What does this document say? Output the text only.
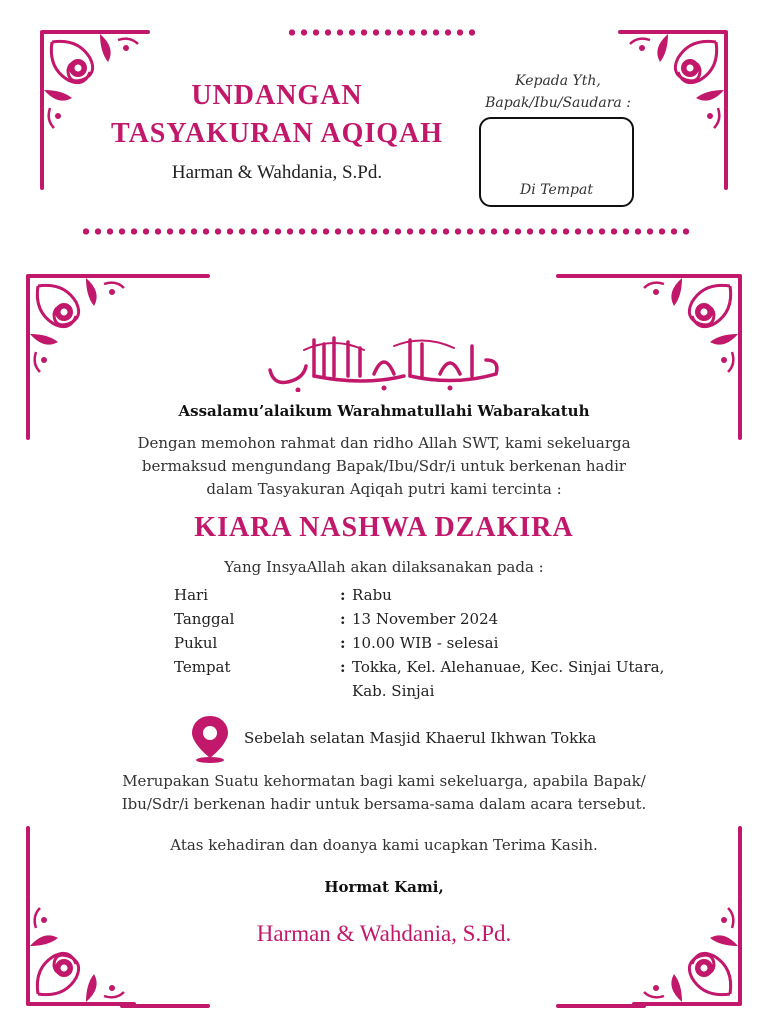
UNDANGAN
TASYAKURAN AQIQAH
Harman & Wahdania, S.Pd.
Kepada Yth,
Bapak/Ibu/Saudara :
Di Tempat
Assalamu’alaikum Warahmatullahi Wabarakatuh
Dengan memohon rahmat dan ridho Allah SWT, kami sekeluarga
bermaksud mengundang Bapak/Ibu/Sdr/i untuk berkenan hadir
dalam Tasyakuran Aqiqah putri kami tercinta :
KIARA NASHWA DZAKIRA
Yang InsyaAllah akan dilaksanakan pada :
Hari	: Rabu
Tanggal	: 13 November 2024
Pukul	: 10.00 WIB - selesai
Tempat	: Tokka, Kel. Alehanuae, Kec. Sinjai Utara,
Kab. Sinjai
Sebelah selatan Masjid Khaerul Ikhwan Tokka
Merupakan Suatu kehormatan bagi kami sekeluarga, apabila Bapak/
Ibu/Sdr/i berkenan hadir untuk bersama-sama dalam acara tersebut.
Atas kehadiran dan doanya kami ucapkan Terima Kasih.
Hormat Kami,
Harman & Wahdania, S.Pd.
